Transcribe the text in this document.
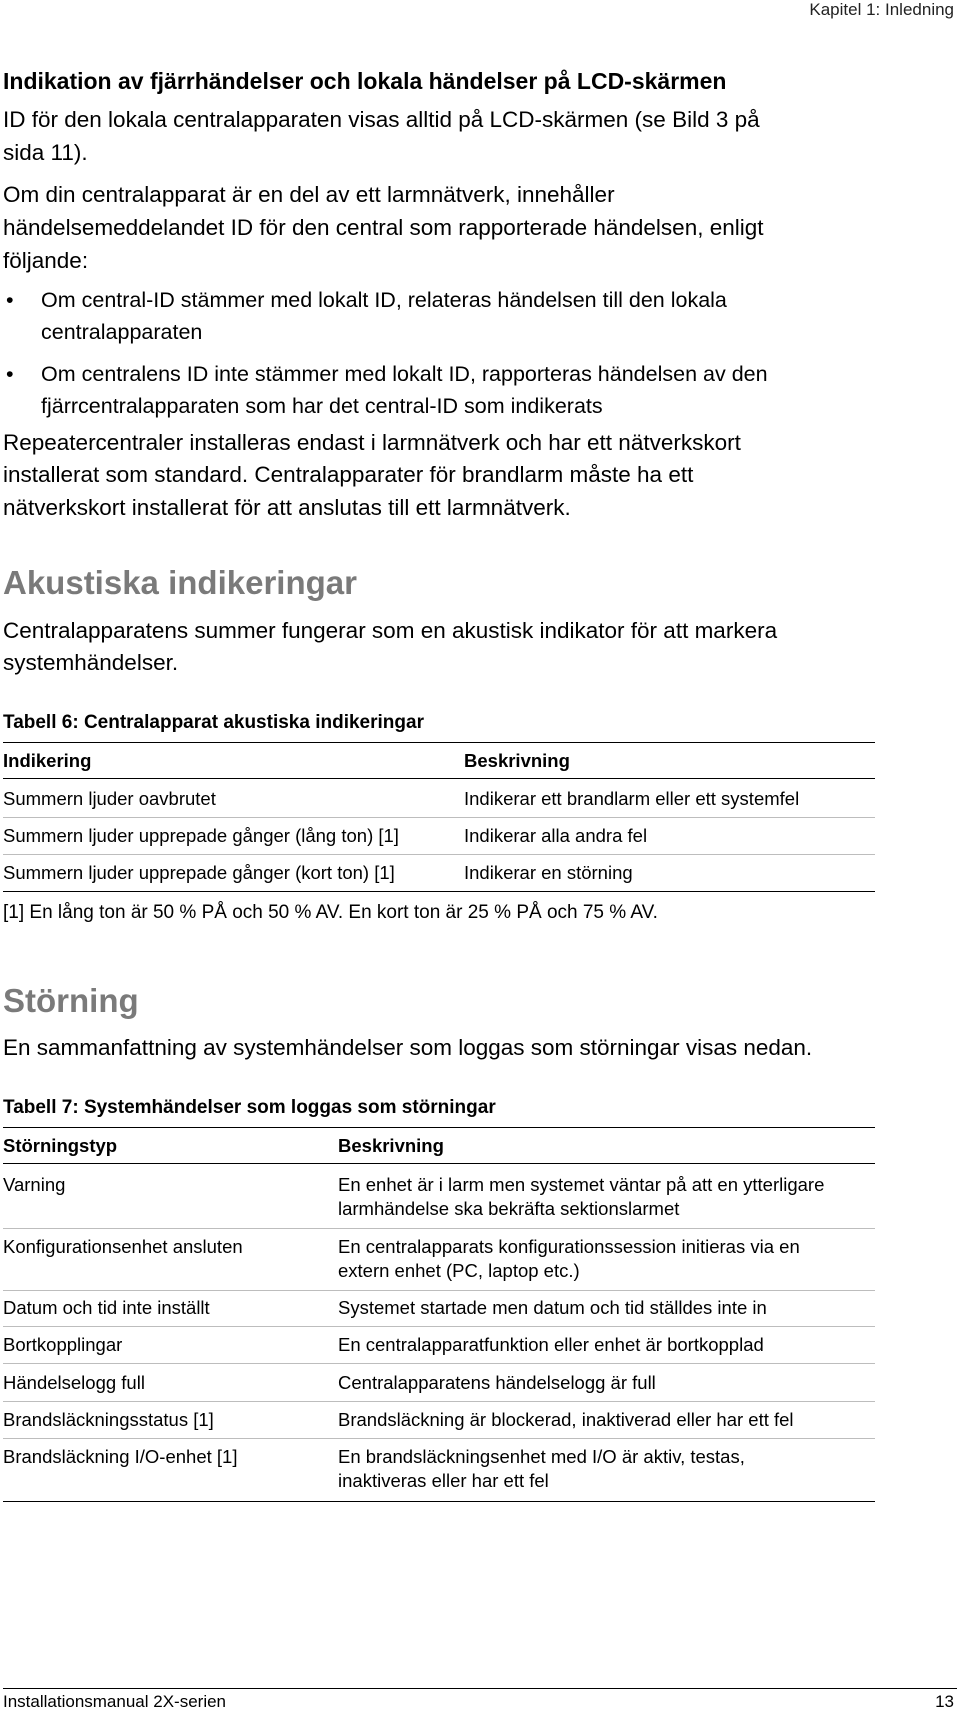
Kapitel 1: Inledning
Indikation av fjärrhändelser och lokala händelser på LCD-skärmen

ID för den lokala centralapparaten visas alltid på LCD-skärmen (se Bild 3 på

sida 11).

Om din centralapparat är en del av ett larmnätverk, innehåller

händelsemeddelandet ID för den central som rapporterade händelsen, enligt

följande:

• Om central-ID stämmer med lokalt ID, relateras händelsen till den lokala
centralapparaten
• Om centralens ID inte stämmer med lokalt ID, rapporteras händelsen av den
fjärrcentralapparaten som har det central-ID som indikerats

Repeatercentraler installeras endast i larmnätverk och har ett nätverkskort

installerat som standard. Centralapparater för brandlarm måste ha ett

nätverkskort installerat för att anslutas till ett larmnätverk.

Akustiska indikeringar

Centralapparatens summer fungerar som en akustisk indikator för att markera

systemhändelser.

Tabell 6: Centralapparat akustiska indikeringar

Indikering	Beskrivning

Summern ljuder oavbrutet	Indikerar ett brandlarm eller ett systemfel

Summern ljuder upprepade gånger (lång ton) [1]	Indikerar alla andra fel

Summern ljuder upprepade gånger (kort ton) [1]	Indikerar en störning

[1] En lång ton är 50 % PÅ och 50 % AV. En kort ton är 25 % PÅ och 75 % AV.

Störning

En sammanfattning av systemhändelser som loggas som störningar visas nedan.

Tabell 7: Systemhändelser som loggas som störningar

Störningstyp	Beskrivning

Varning	En enhet är i larm men systemet väntar på att en ytterligare

larmhändelse ska bekräfta sektionslarmet

Konfigurationsenhet ansluten	En centralapparats konfigurationssession initieras via en

extern enhet (PC, laptop etc.)

Datum och tid inte inställt	Systemet startade men datum och tid ställdes inte in

Bortkopplingar	En centralapparatfunktion eller enhet är bortkopplad

Händelselogg full	Centralapparatens händelselogg är full

Brandsläckningsstatus [1]	Brandsläckning är blockerad, inaktiverad eller har ett fel

Brandsläckning I/O-enhet [1]	En brandsläckningsenhet med I/O är aktiv, testas,

inaktiveras eller har ett fel

Installationsmanual 2X-serien	13
